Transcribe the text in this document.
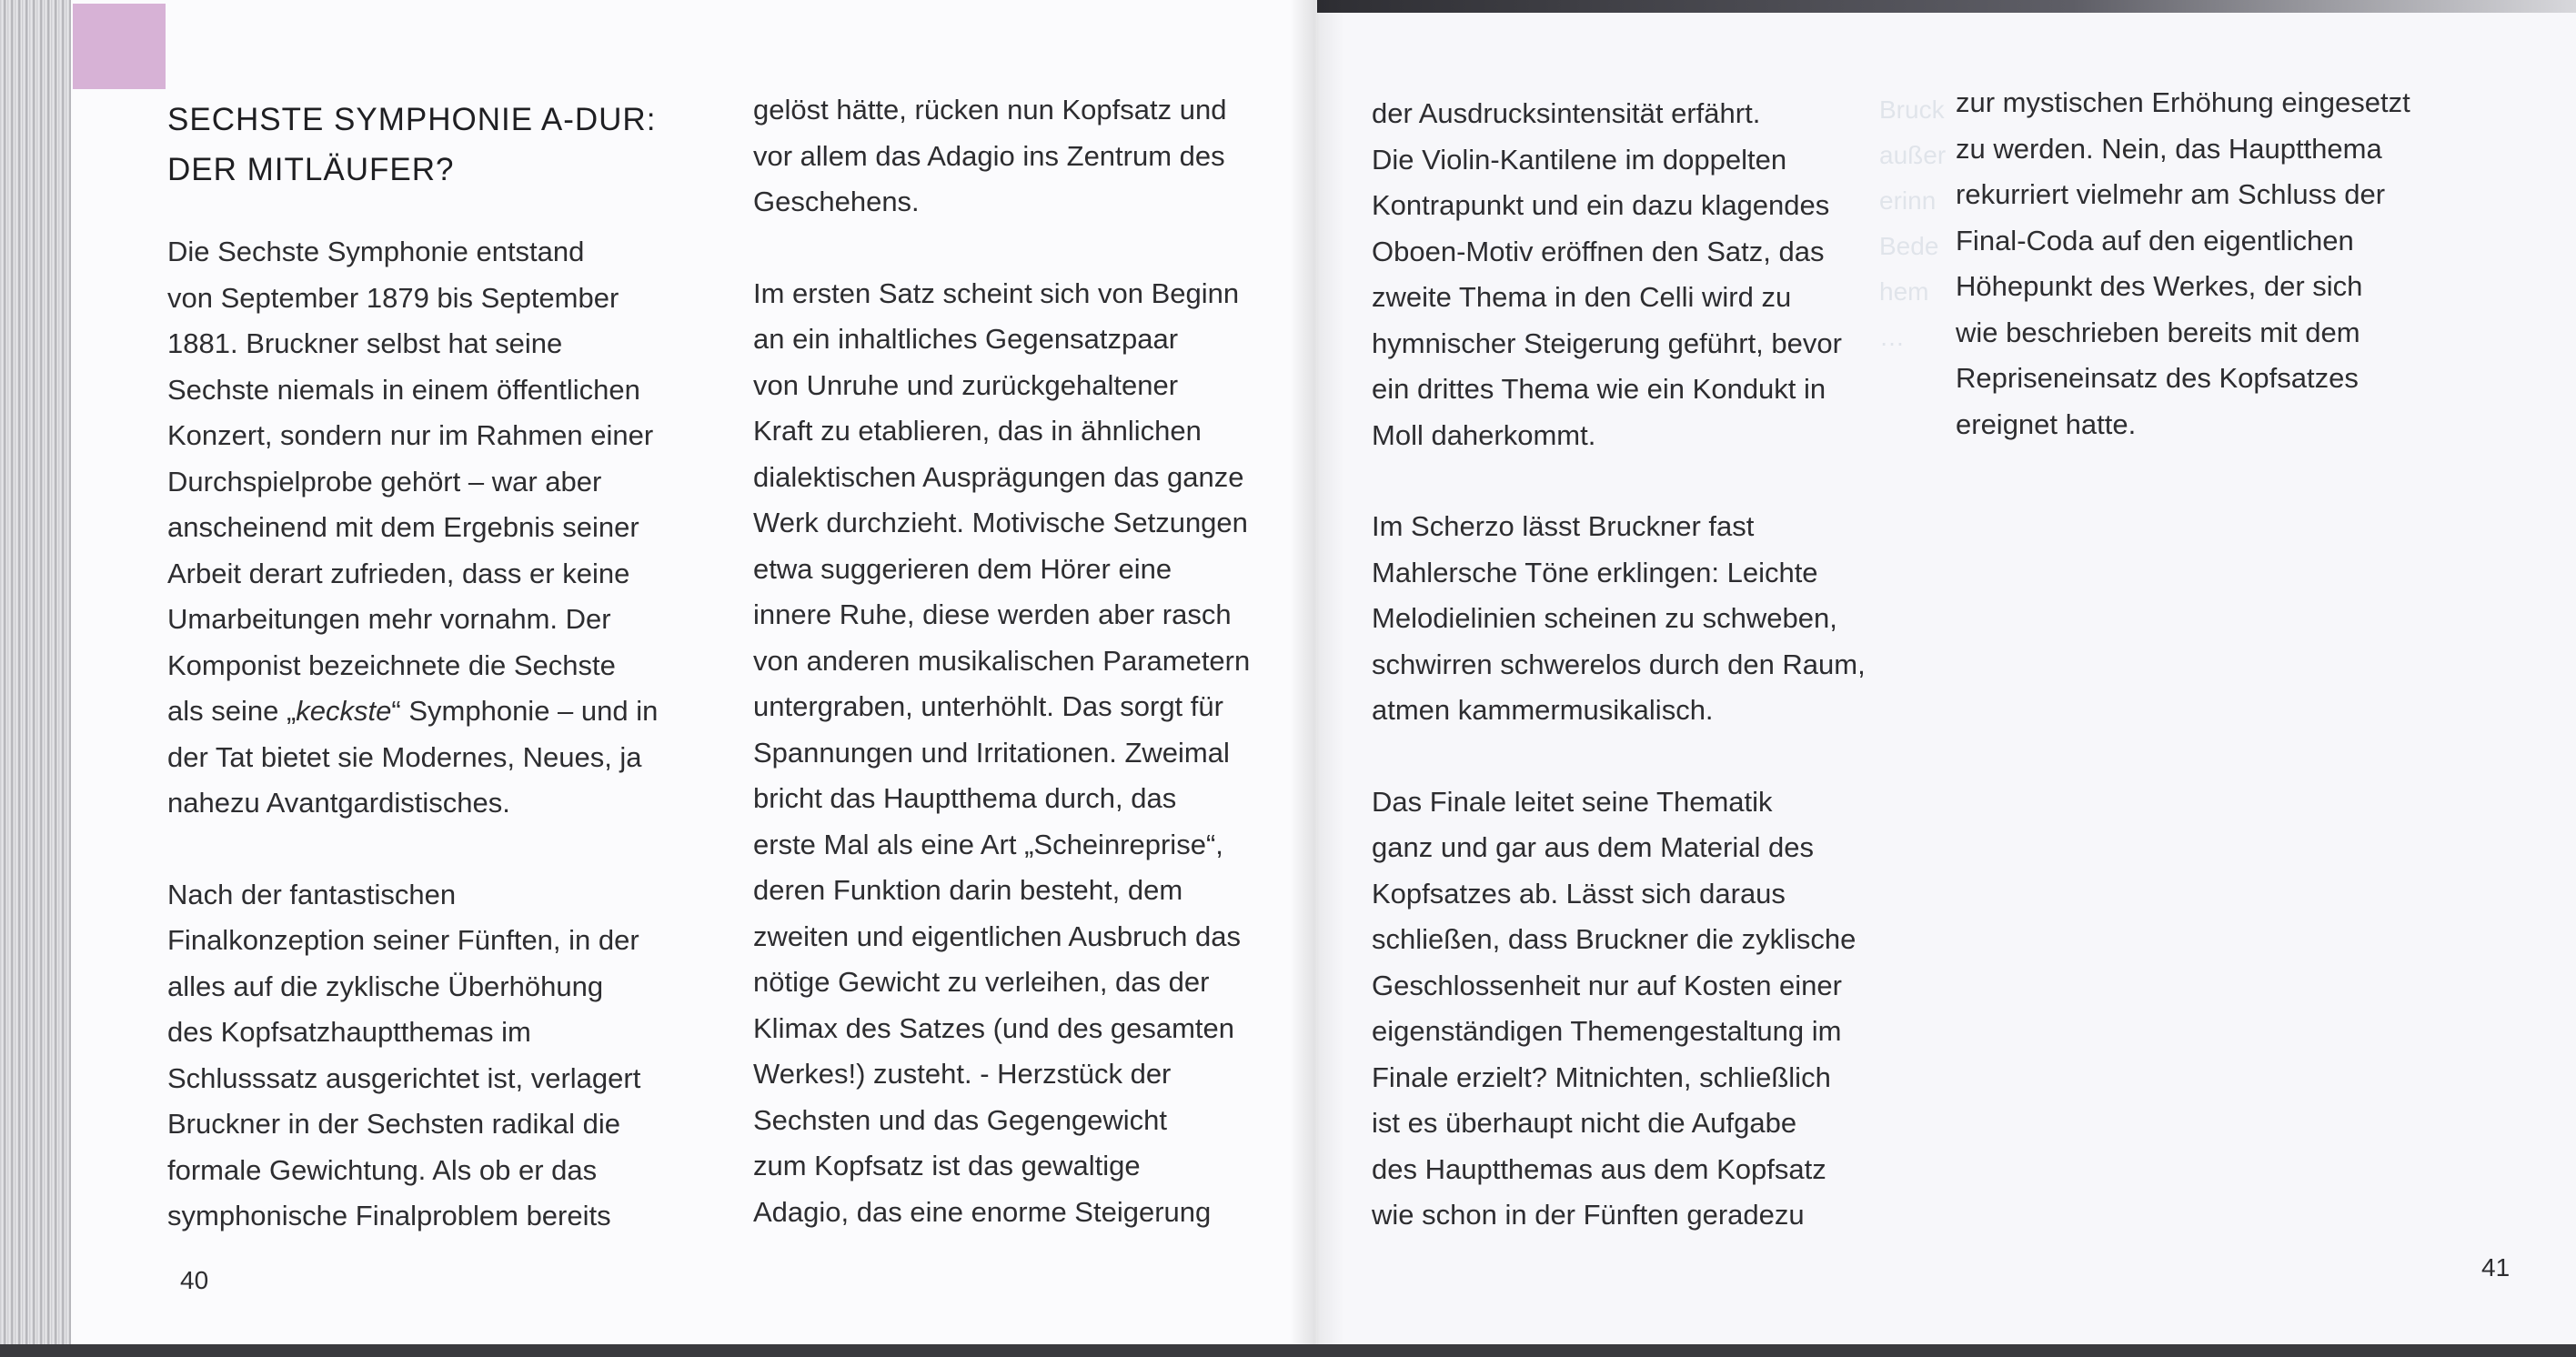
SECHSTE SYMPHONIE A-DUR:
DER MITLÄUFER?

Die Sechste Symphonie entstand
von September 1879 bis September
1881. Bruckner selbst hat seine
Sechste niemals in einem öffentlichen
Konzert, sondern nur im Rahmen einer
Durchspielprobe gehört – war aber
anscheinend mit dem Ergebnis seiner
Arbeit derart zufrieden, dass er keine
Umarbeitungen mehr vornahm. Der
Komponist bezeichnete die Sechste
als seine „keckste“ Symphonie – und in
der Tat bietet sie Modernes, Neues, ja
nahezu Avantgardistisches.

Nach der fantastischen
Finalkonzeption seiner Fünften, in der
alles auf die zyklische Überhöhung
des Kopfsatzhauptthemas im
Schlusssatz ausgerichtet ist, verlagert
Bruckner in der Sechsten radikal die
formale Gewichtung. Als ob er das
symphonische Finalproblem bereits

gelöst hätte, rücken nun Kopfsatz und
vor allem das Adagio ins Zentrum des
Geschehens.

Im ersten Satz scheint sich von Beginn
an ein inhaltliches Gegensatzpaar
von Unruhe und zurückgehaltener
Kraft zu etablieren, das in ähnlichen
dialektischen Ausprägungen das ganze
Werk durchzieht. Motivische Setzungen
etwa suggerieren dem Hörer eine
innere Ruhe, diese werden aber rasch
von anderen musikalischen Parametern
untergraben, unterhöhlt. Das sorgt für
Spannungen und Irritationen. Zweimal
bricht das Hauptthema durch, das
erste Mal als eine Art „Scheinreprise“,
deren Funktion darin besteht, dem
zweiten und eigentlichen Ausbruch das
nötige Gewicht zu verleihen, das der
Klimax des Satzes (und des gesamten
Werkes!) zusteht. - Herzstück der
Sechsten und das Gegengewicht
zum Kopfsatz ist das gewaltige
Adagio, das eine enorme Steigerung

der Ausdrucksintensität erfährt.
Die Violin-Kantilene im doppelten
Kontrapunkt und ein dazu klagendes
Oboen-Motiv eröffnen den Satz, das
zweite Thema in den Celli wird zu
hymnischer Steigerung geführt, bevor
ein drittes Thema wie ein Kondukt in
Moll daherkommt.

Im Scherzo lässt Bruckner fast
Mahlersche Töne erklingen: Leichte
Melodielinien scheinen zu schweben,
schwirren schwerelos durch den Raum,
atmen kammermusikalisch.

Das Finale leitet seine Thematik
ganz und gar aus dem Material des
Kopfsatzes ab. Lässt sich daraus
schließen, dass Bruckner die zyklische
Geschlossenheit nur auf Kosten einer
eigenständigen Themengestaltung im
Finale erzielt? Mitnichten, schließlich
ist es überhaupt nicht die Aufgabe
des Hauptthemas aus dem Kopfsatz
wie schon in der Fünften geradezu

zur mystischen Erhöhung eingesetzt
zu werden. Nein, das Hauptthema
rekurriert vielmehr am Schluss der
Final-Coda auf den eigentlichen
Höhepunkt des Werkes, der sich
wie beschrieben bereits mit dem
Repriseneinsatz des Kopfsatzes
ereignet hatte.

Bruck
außer
erinn
Bede
hem
…
40	41
